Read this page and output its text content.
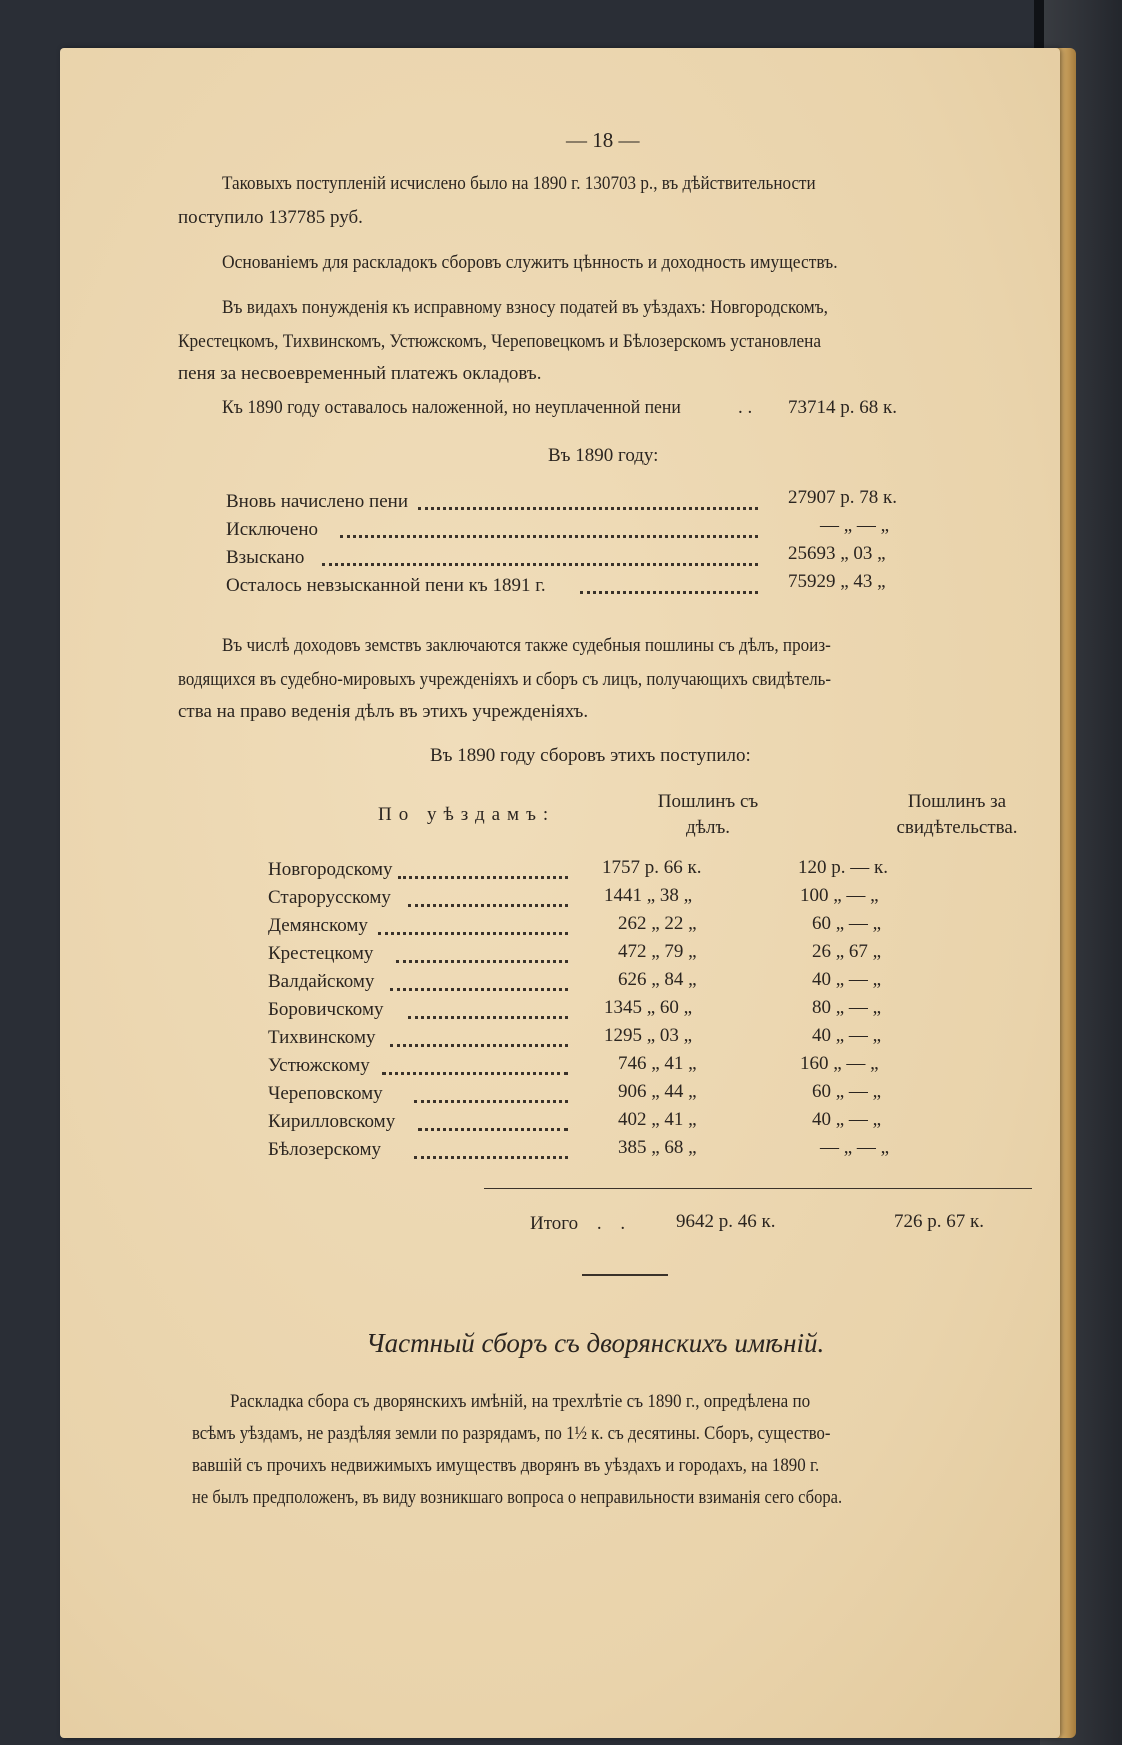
— 18 —
Таковыхъ поступленій исчислено было на 1890 г. 130703 р., въ дѣйствительности
поступило 137785 руб.
Основаніемъ для раскладокъ сборовъ служитъ цѣнность и доходность имуществъ.
Въ видахъ понужденія къ исправному взносу податей въ уѣздахъ: Новгородскомъ,
Крестецкомъ, Тихвинскомъ, Устюжскомъ, Череповецкомъ и Бѣлозерскомъ установлена
пеня за несвоевременный платежъ окладовъ.
Къ 1890 году оставалось наложенной, но неуплаченной пени	. . 73714 р. 68 к.
Въ 1890 году:
Вновь начислено пени	27907 р. 78 к.
Исключено	— „ — „
Взыскано	25693 „ 03 „
Осталось невзысканной пени къ 1891 г.	75929 „ 43 „
Въ числѣ доходовъ земствъ заключаются также судебныя пошлины съ дѣлъ, произ-
водящихся въ судебно-мировыхъ учрежденіяхъ и сборъ съ лицъ, получающихъ свидѣтель-
ства на право веденія дѣлъ въ этихъ учрежденіяхъ.
Въ 1890 году сборовъ этихъ поступило:
По уѣздамъ:
Пошлинъ съ
дѣлъ.
Пошлинъ за
свидѣтельства.
Новгородскому	1757 р. 66 к.	120 р. — к.
Старорусскому	1441 „ 38 „	100 „ — „
Демянскому	262 „ 22 „	60 „ — „
Крестецкому	472 „ 79 „	26 „ 67 „
Валдайскому	626 „ 84 „	40 „ — „
Боровичскому	1345 „ 60 „	80 „ — „
Тихвинскому	1295 „ 03 „	40 „ — „
Устюжскому	746 „ 41 „	160 „ — „
Череповскому	906 „ 44 „	60 „ — „
Кирилловскому	402 „ 41 „	40 „ — „
Бѣлозерскому	385 „ 68 „	— „ — „
Итого . .	9642 р. 46 к.	726 р. 67 к.
Частный сборъ съ дворянскихъ имѣній.
Раскладка сбора съ дворянскихъ имѣній, на трехлѣтіе съ 1890 г., опредѣлена по
всѣмъ уѣздамъ, не раздѣляя земли по разрядамъ, по 1½ к. съ десятины. Сборъ, существо-
вавшій съ прочихъ недвижимыхъ имуществъ дворянъ въ уѣздахъ и городахъ, на 1890 г.
не былъ предположенъ, въ виду возникшаго вопроса о неправильности взиманія сего сбора.
